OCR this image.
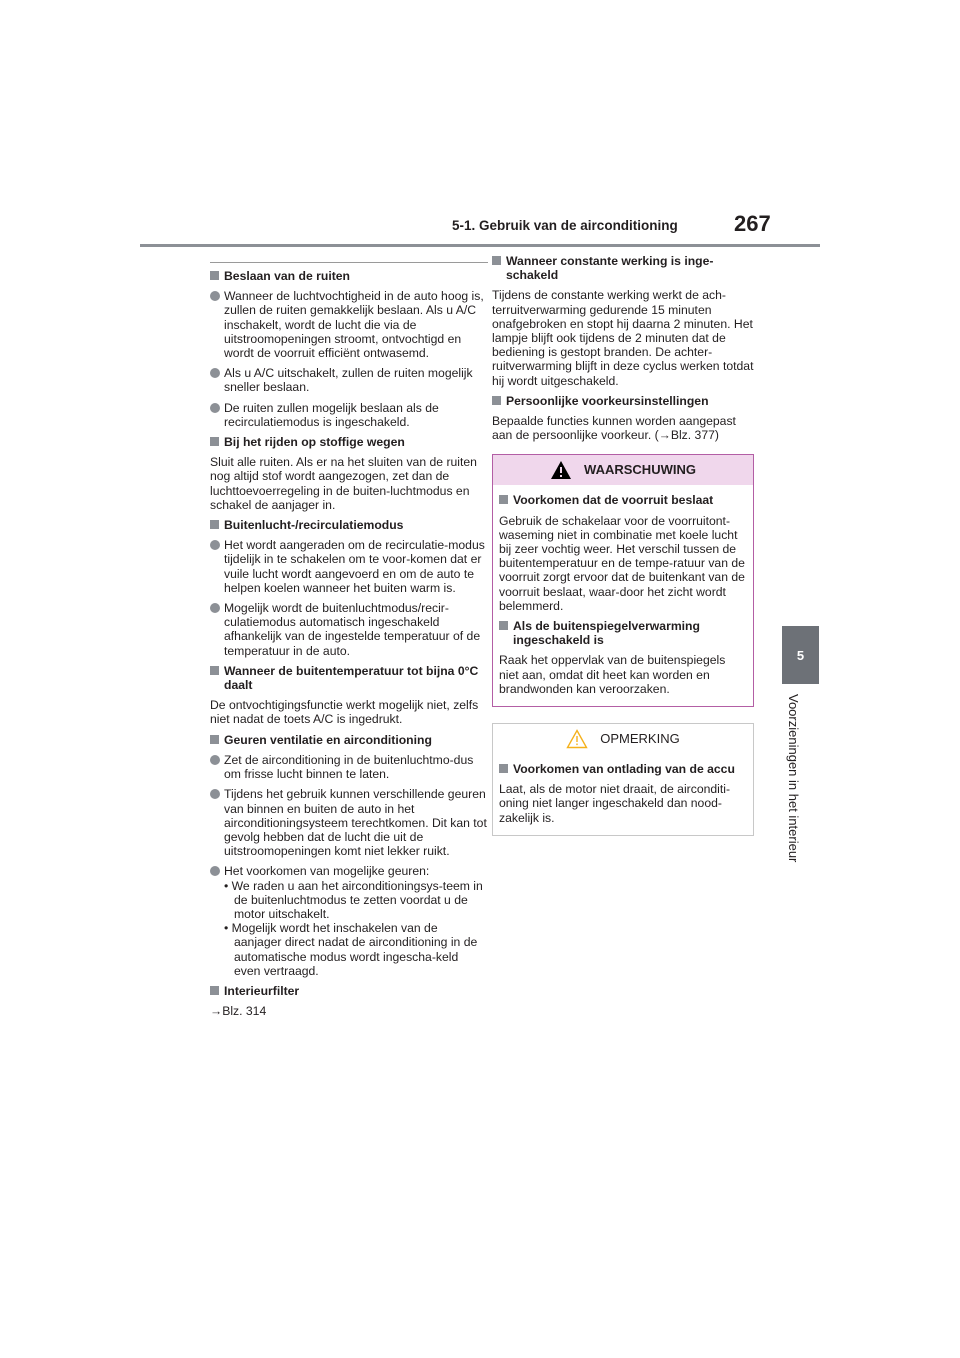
5-1. Gebruik van de airconditioning	267
5
Voorzieningen in het interieur
Beslaan van de ruiten
Wanneer de luchtvochtigheid in de auto hoog is, zullen de ruiten gemakkelijk beslaan. Als u A/C inschakelt, wordt de lucht die via de uitstroomopeningen stroomt, ontvochtigd en wordt de voorruit efficiënt ontwasemd.
Als u A/C uitschakelt, zullen de ruiten mogelijk sneller beslaan.
De ruiten zullen mogelijk beslaan als de recirculatiemodus is ingeschakeld.
Bij het rijden op stoffige wegen
Sluit alle ruiten. Als er na het sluiten van de ruiten nog altijd stof wordt aangezogen, zet dan de luchttoevoerregeling in de buiten-luchtmodus en schakel de aanjager in.
Buitenlucht-/recirculatiemodus
Het wordt aangeraden om de recirculatie-modus tijdelijk in te schakelen om te voor-komen dat er vuile lucht wordt aangevoerd en om de auto te helpen koelen wanneer het buiten warm is.
Mogelijk wordt de buitenluchtmodus/recir-culatiemodus automatisch ingeschakeld afhankelijk van de ingestelde temperatuur of de temperatuur in de auto.
Wanneer de buitentemperatuur tot bijna 0°C daalt
De ontvochtigingsfunctie werkt mogelijk niet, zelfs niet nadat de toets A/C is ingedrukt.
Geuren ventilatie en airconditioning
Zet de airconditioning in de buitenluchtmo-dus om frisse lucht binnen te laten.
Tijdens het gebruik kunnen verschillende geuren van binnen en buiten de auto in het airconditioningsysteem terechtkomen. Dit kan tot gevolg hebben dat de lucht die uit de uitstroomopeningen komt niet lekker ruikt.
Het voorkomen van mogelijke geuren:
• We raden u aan het airconditioningsys-teem in de buitenluchtmodus te zetten voordat u de motor uitschakelt.
• Mogelijk wordt het inschakelen van de aanjager direct nadat de airconditioning in de automatische modus wordt ingescha-keld even vertraagd.
Interieurfilter
→Blz. 314
Wanneer constante werking is inge-schakeld
Tijdens de constante werking werkt de ach-terruitverwarming gedurende 15 minuten onafgebroken en stopt hij daarna 2 minuten. Het lampje blijft ook tijdens de 2 minuten dat de bediening is gestopt branden. De achter-ruitverwarming blijft in deze cyclus werken totdat hij wordt uitgeschakeld.
Persoonlijke voorkeursinstellingen
Bepaalde functies kunnen worden aangepast aan de persoonlijke voorkeur. (→Blz. 377)
WAARSCHUWING
Voorkomen dat de voorruit beslaat
Gebruik de schakelaar voor de voorruitont-waseming niet in combinatie met koele lucht bij zeer vochtig weer. Het verschil tussen de buitentemperatuur en de tempe-ratuur van de voorruit zorgt ervoor dat de buitenkant van de voorruit beslaat, waar-door het zicht wordt belemmerd.
Als de buitenspiegelverwarming ingeschakeld is
Raak het oppervlak van de buitenspiegels niet aan, omdat dit heet kan worden en brandwonden kan veroorzaken.
OPMERKING
Voorkomen van ontlading van de accu
Laat, als de motor niet draait, de airconditi-oning niet langer ingeschakeld dan nood-zakelijk is.
